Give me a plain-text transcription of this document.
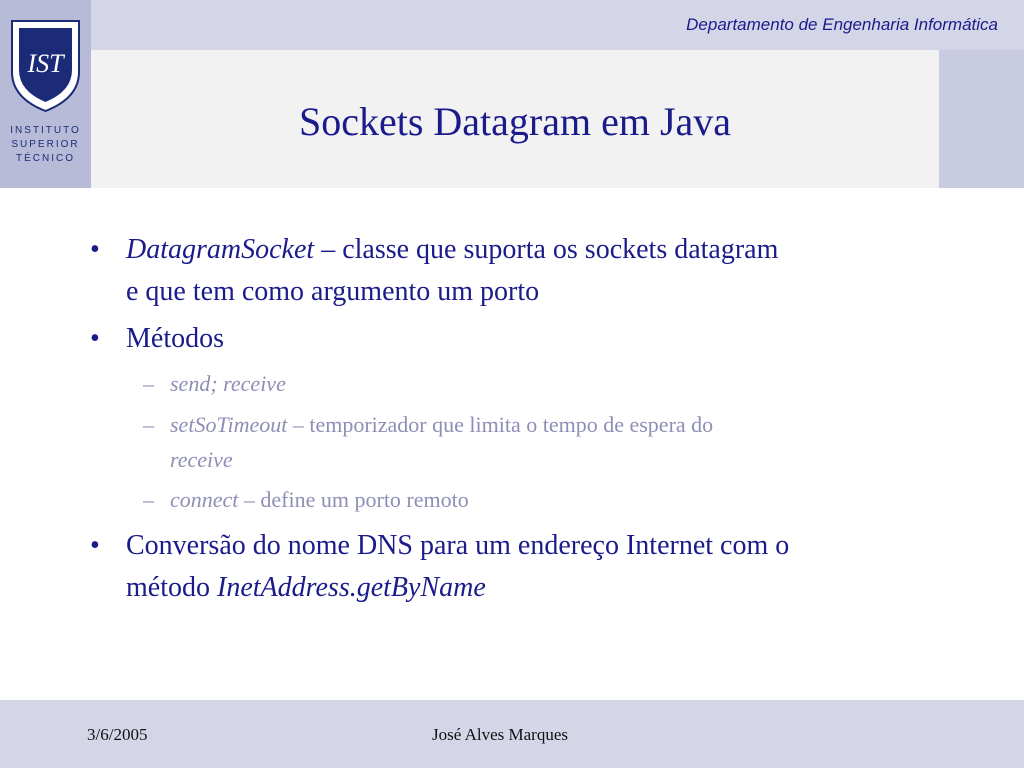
Departamento de Engenharia Informática
Sockets Datagram em Java
IST
INSTITUTO
SUPERIOR
TÉCNICO
• DatagramSocket – classe que suporta os sockets datagram
e que tem como argumento um porto
• Métodos
– send; receive
– setSoTimeout – temporizador que limita o tempo de espera do
receive
– connect – define um porto remoto
• Conversão do nome DNS para um endereço Internet com o
método InetAddress.getByName
3/6/2005	José Alves Marques
